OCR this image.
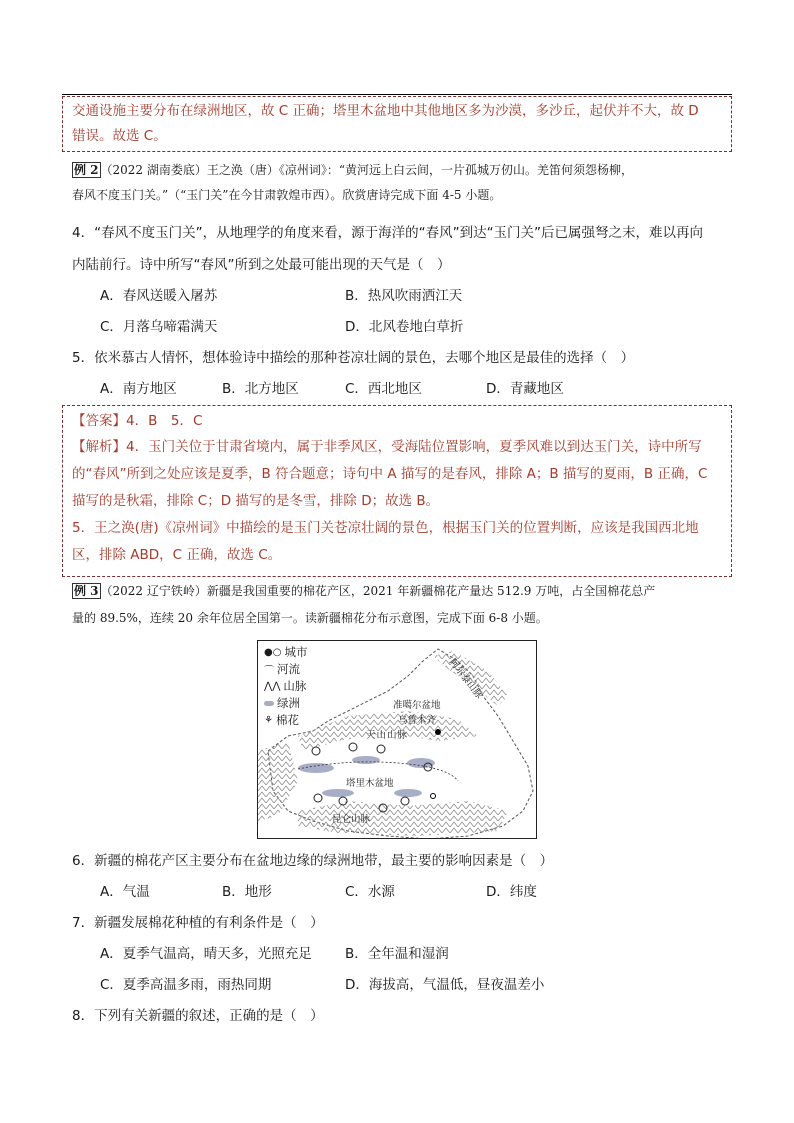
交通设施主要分布在绿洲地区，故 C 正确；塔里木盆地中其他地区多为沙漠，多沙丘，起伏并不大，故 D
错误。故选 C。
例 2 （2022 湖南娄底）王之涣（唐）《凉州词》：“黄河远上白云间，一片孤城万仞山。羌笛何须怨杨柳，
春风不度玉门关。”（“玉门关”在今甘肃敦煌市西）。欣赏唐诗完成下面 4-5 小题。
4．“春风不度玉门关”，从地理学的角度来看，源于海洋的“春风”到达“玉门关”后已属强弩之末，难以再向
内陆前行。诗中所写“春风”所到之处最可能出现的天气是（　）
A．春风送暖入屠苏	B．热风吹雨洒江天
C．月落乌啼霜满天	D．北风卷地白草折
5．依米慕古人情怀，想体验诗中描绘的那种苍凉壮阔的景色，去哪个地区是最佳的选择（　）
A．南方地区	B．北方地区	C．西北地区	D．青藏地区
【答案】4．B　5．C
【解析】4．玉门关位于甘肃省境内，属于非季风区，受海陆位置影响，夏季风难以到达玉门关，诗中所写
的“春风”所到之处应该是夏季，B 符合题意；诗句中 A 描写的是春风，排除 A；B 描写的夏雨，B 正确，C
描写的是秋霜，排除 C；D 描写的是冬雪，排除 D；故选 B。
5．王之涣(唐)《凉州词》中描绘的是玉门关苍凉壮阔的景色，根据玉门关的位置判断，应该是我国西北地
区，排除 ABD，C 正确，故选 C。
例 3 （2022 辽宁铁岭）新疆是我国重要的棉花产区，2021 年新疆棉花产量达 512.9 万吨，占全国棉花总产
量的 89.5%，连续 20 余年位居全国第一。读新疆棉花分布示意图，完成下面 6-8 小题。
●○ 城市
⌒ 河流
⋀⋀ 山脉
绿洲
⚘ 棉花
阿尔泰山脉
准噶尔盆地
乌鲁木齐
天山山脉
塔里木盆地
昆仑山脉
6．新疆的棉花产区主要分布在盆地边缘的绿洲地带，最主要的影响因素是（　）
A．气温	B．地形	C．水源	D．纬度
7．新疆发展棉花种植的有利条件是（　）
A．夏季气温高，晴天多，光照充足 B．全年温和湿润
C．夏季高温多雨，雨热同期	D．海拔高，气温低，昼夜温差小
8．下列有关新疆的叙述，正确的是（　）
